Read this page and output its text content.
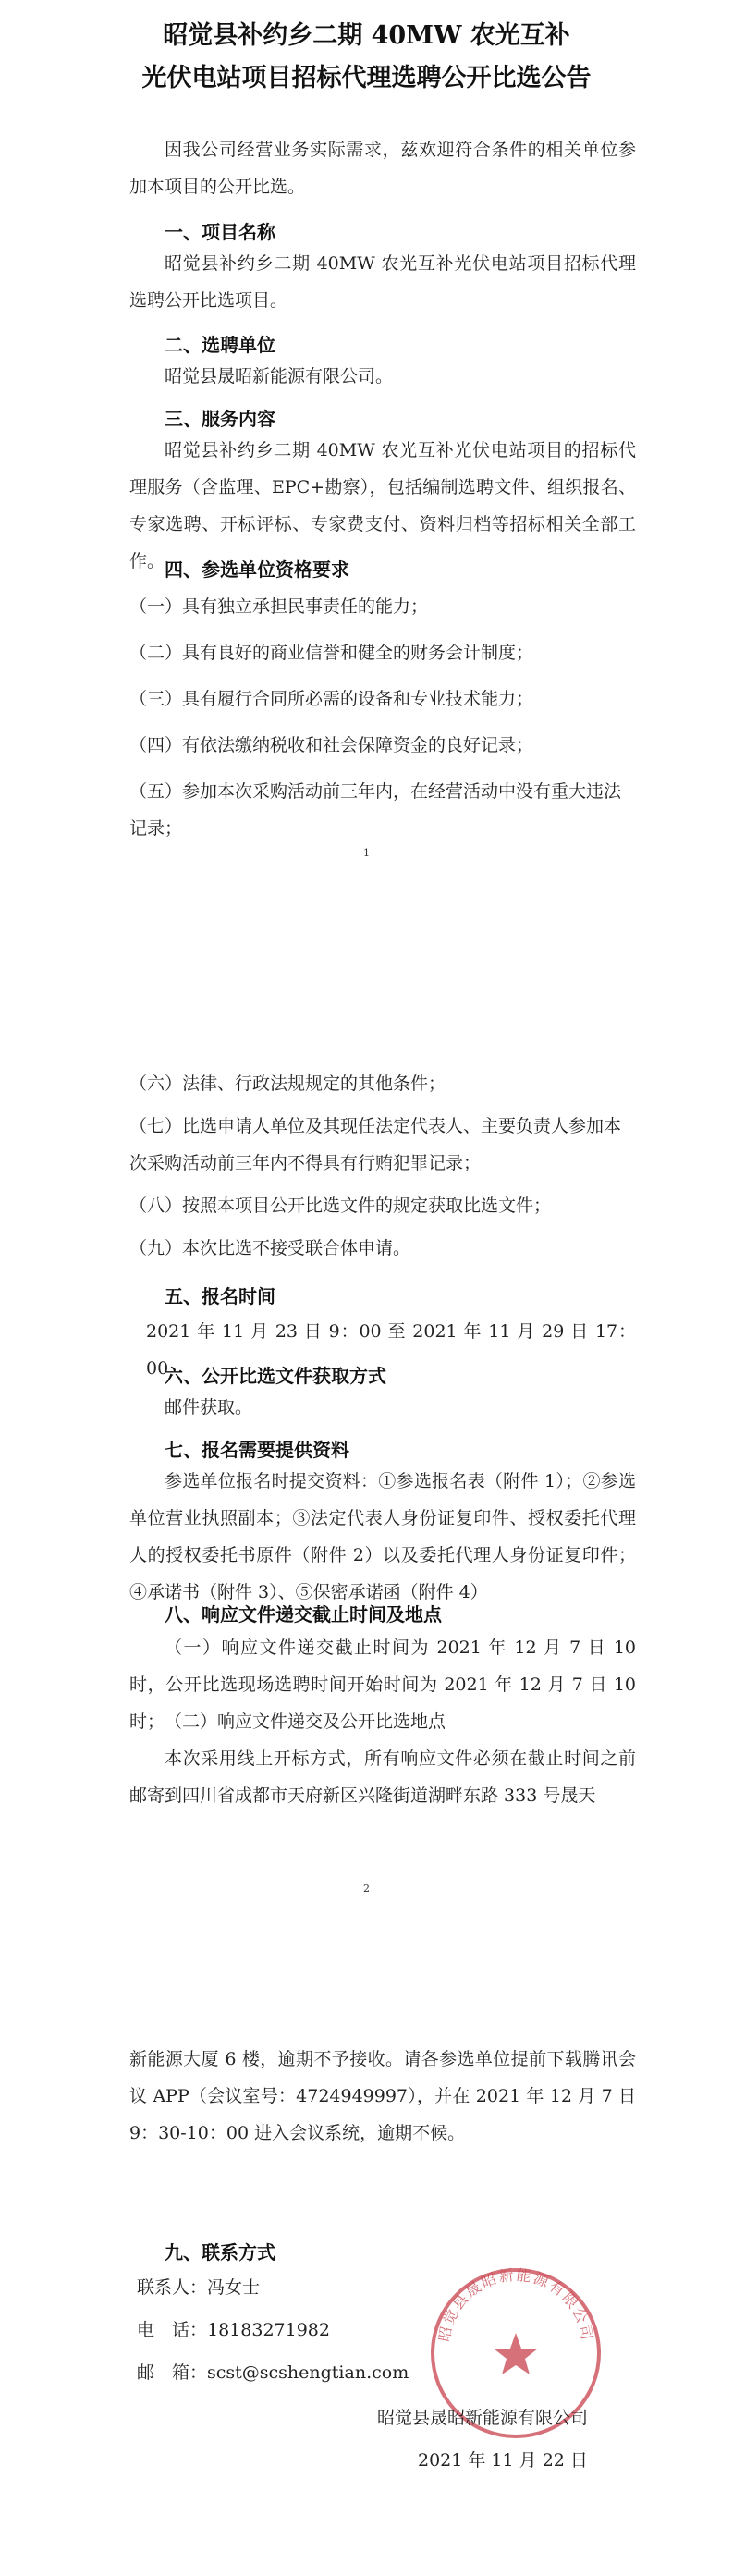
昭觉县补约乡二期 40MW 农光互补
光伏电站项目招标代理选聘公开比选公告
因我公司经营业务实际需求，兹欢迎符合条件的相关单位参加本项目的公开比选。
一、项目名称
昭觉县补约乡二期 40MW 农光互补光伏电站项目招标代理选聘公开比选项目。
二、选聘单位
昭觉县晟昭新能源有限公司。
三、服务内容
昭觉县补约乡二期 40MW 农光互补光伏电站项目的招标代理服务（含监理、EPC+勘察），包括编制选聘文件、组织报名、专家选聘、开标评标、专家费支付、资料归档等招标相关全部工作。 四、参选单位资格要求
（一）具有独立承担民事责任的能力；
（二）具有良好的商业信誉和健全的财务会计制度；
（三）具有履行合同所必需的设备和专业技术能力；
（四）有依法缴纳税收和社会保障资金的良好记录；
（五）参加本次采购活动前三年内，在经营活动中没有重大违法记录；
1
（六）法律、行政法规规定的其他条件；
（七）比选申请人单位及其现任法定代表人、主要负责人参加本次采购活动前三年内不得具有行贿犯罪记录；
（八）按照本项目公开比选文件的规定获取比选文件；
（九）本次比选不接受联合体申请。
五、报名时间
2021 年 11 月 23 日 9：00 至 2021 年 11 月 29 日 17：00
六、公开比选文件获取方式
邮件获取。
七、报名需要提供资料
参选单位报名时提交资料：①参选报名表（附件 1）；②参选单位营业执照副本；③法定代表人身份证复印件、授权委托代理人的授权委托书原件（附件 2）以及委托代理人身份证复印件；④承诺书（附件 3）、⑤保密承诺函（附件 4）
八、响应文件递交截止时间及地点
（一）响应文件递交截止时间为 2021 年 12 月 7 日 10 时，公开比选现场选聘时间开始时间为 2021 年 12 月 7 日 10 时； （二）响应文件递交及公开比选地点
本次采用线上开标方式，所有响应文件必须在截止时间之前邮寄到四川省成都市天府新区兴隆街道湖畔东路 333 号晟天
2
新能源大厦 6 楼，逾期不予接收。请各参选单位提前下载腾讯会议 APP（会议室号：4724949997），并在 2021 年 12 月 7 日 9：30-10：00 进入会议系统，逾期不候。
九、联系方式
联系人：冯女士
电　话：18183271982
邮　箱：scst@scshengtian.com
昭觉县晟昭新能源有限公司
昭觉县晟昭新能源有限公司
2021 年 11 月 22 日
